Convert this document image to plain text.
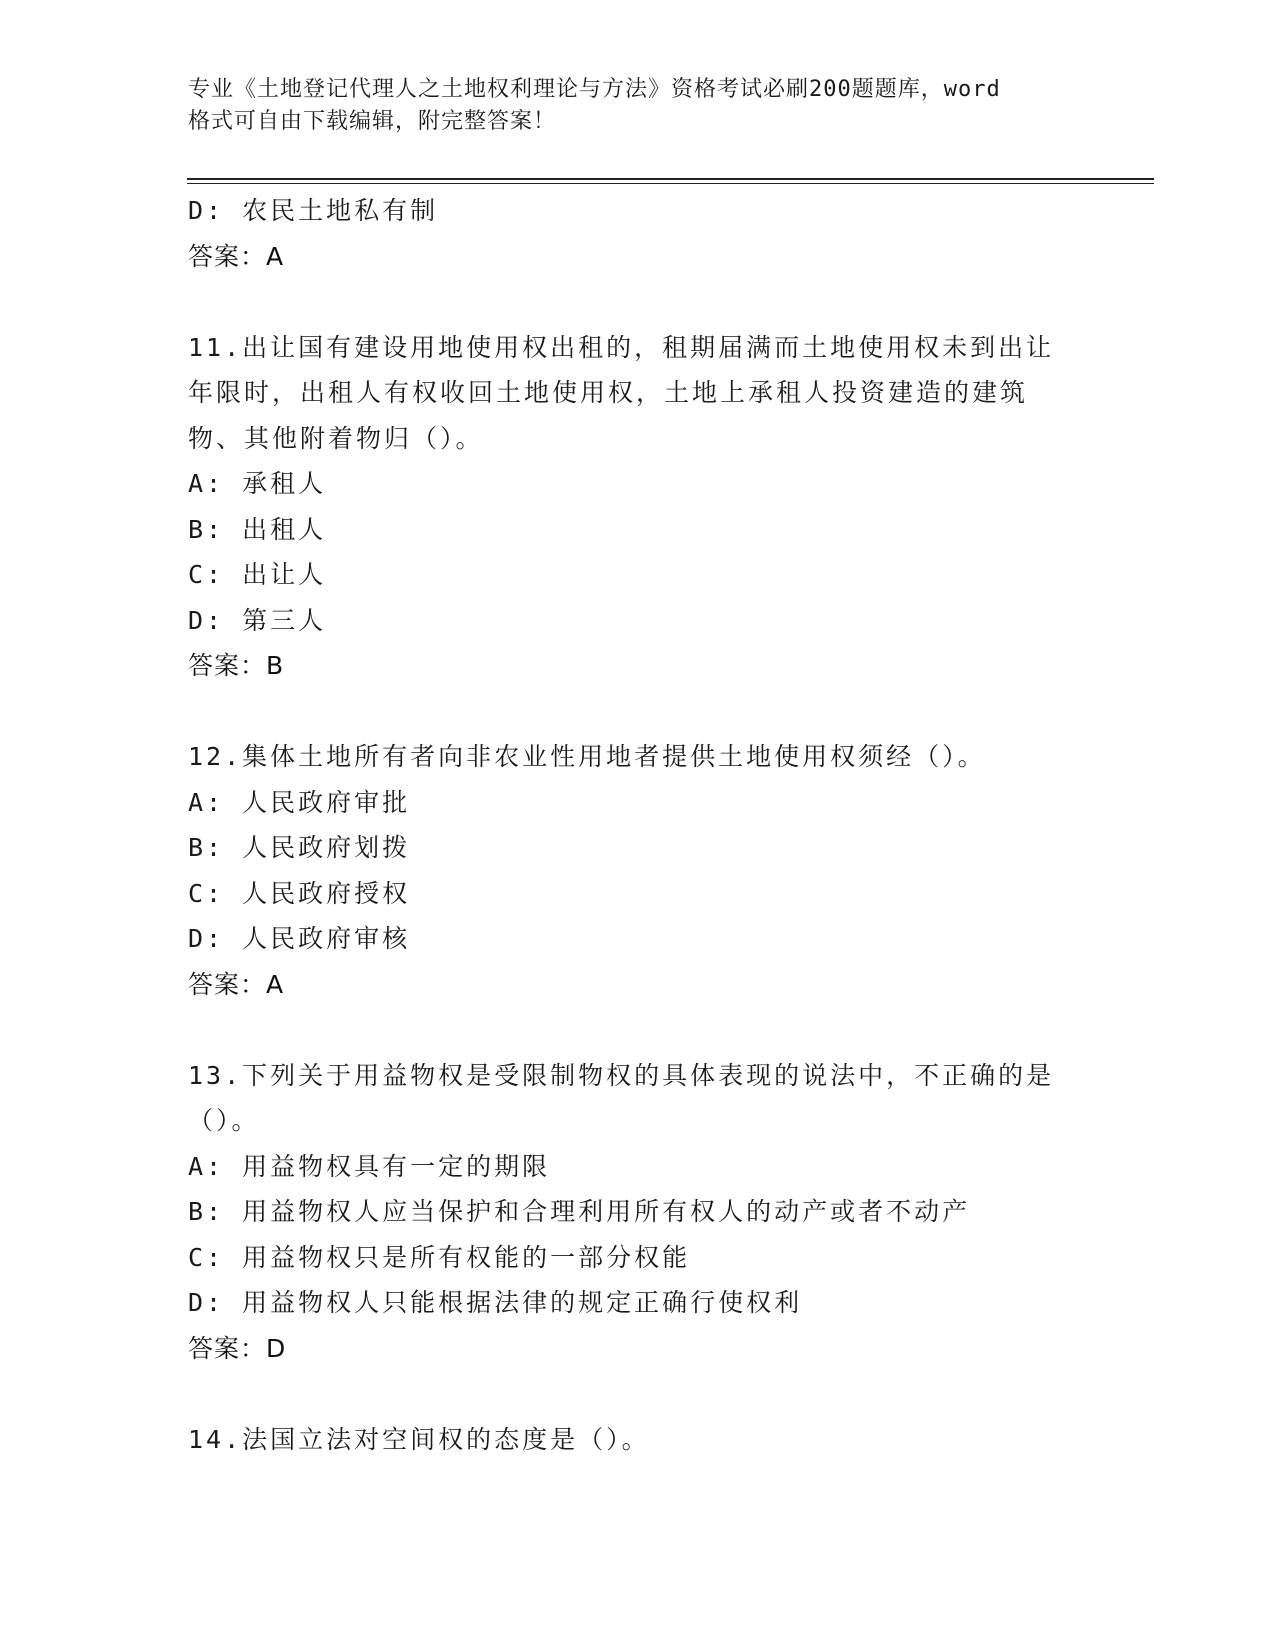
专业《土地登记代理人之土地权利理论与方法》资格考试必刷200题题库，word
格式可自由下载编辑，附完整答案！
D: 农民土地私有制
答案：A
11.出让国有建设用地使用权出租的，租期届满而土地使用权未到出让
年限时，出租人有权收回土地使用权，土地上承租人投资建造的建筑
物、其他附着物归（）。
A: 承租人
B: 出租人
C: 出让人
D: 第三人
答案：B
12.集体土地所有者向非农业性用地者提供土地使用权须经（）。
A: 人民政府审批
B: 人民政府划拨
C: 人民政府授权
D: 人民政府审核
答案：A
13.下列关于用益物权是受限制物权的具体表现的说法中，不正确的是
（）。
A: 用益物权具有一定的期限
B: 用益物权人应当保护和合理利用所有权人的动产或者不动产
C: 用益物权只是所有权能的一部分权能
D: 用益物权人只能根据法律的规定正确行使权利
答案：D
14.法国立法对空间权的态度是（）。
